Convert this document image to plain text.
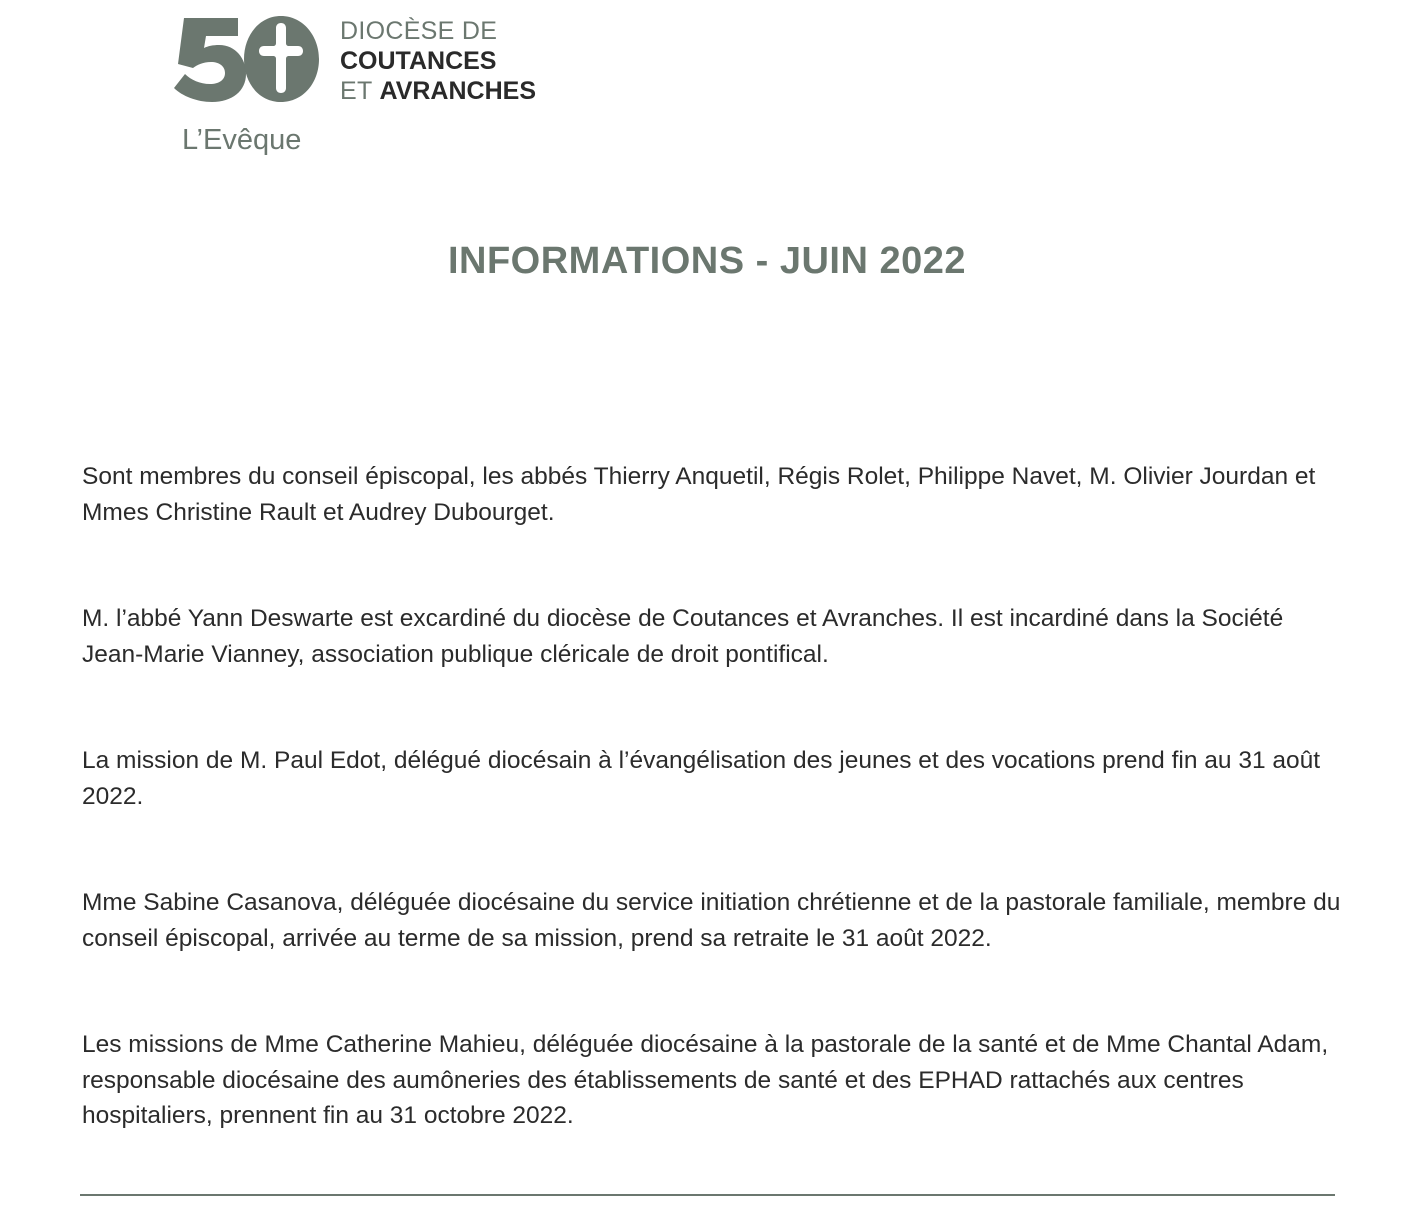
DIOCÈSE DE
COUTANCES
ET AVRANCHES
L’Evêque
INFORMATIONS - JUIN 2022

Sont membres du conseil épiscopal, les abbés Thierry Anquetil, Régis Rolet, Philippe Navet, M. Olivier Jourdan et Mmes Christine Rault et Audrey Dubourget.

M. l’abbé Yann Deswarte est excardiné du diocèse de Coutances et Avranches. Il est incardiné dans la Société Jean-Marie Vianney, association publique cléricale de droit pontifical.

La mission de M. Paul Edot, délégué diocésain à l’évangélisation des jeunes et des vocations prend fin au 31 août 2022.

Mme Sabine Casanova, déléguée diocésaine du service initiation chrétienne et de la pastorale familiale, membre du conseil épiscopal, arrivée au terme de sa mission, prend sa retraite le 31 août 2022.

Les missions de Mme Catherine Mahieu, déléguée diocésaine à la pastorale de la santé et de Mme Chantal Adam, responsable diocésaine des aumôneries des établissements de santé et des EPHAD rattachés aux centres hospitaliers, prennent fin au 31 octobre 2022.
